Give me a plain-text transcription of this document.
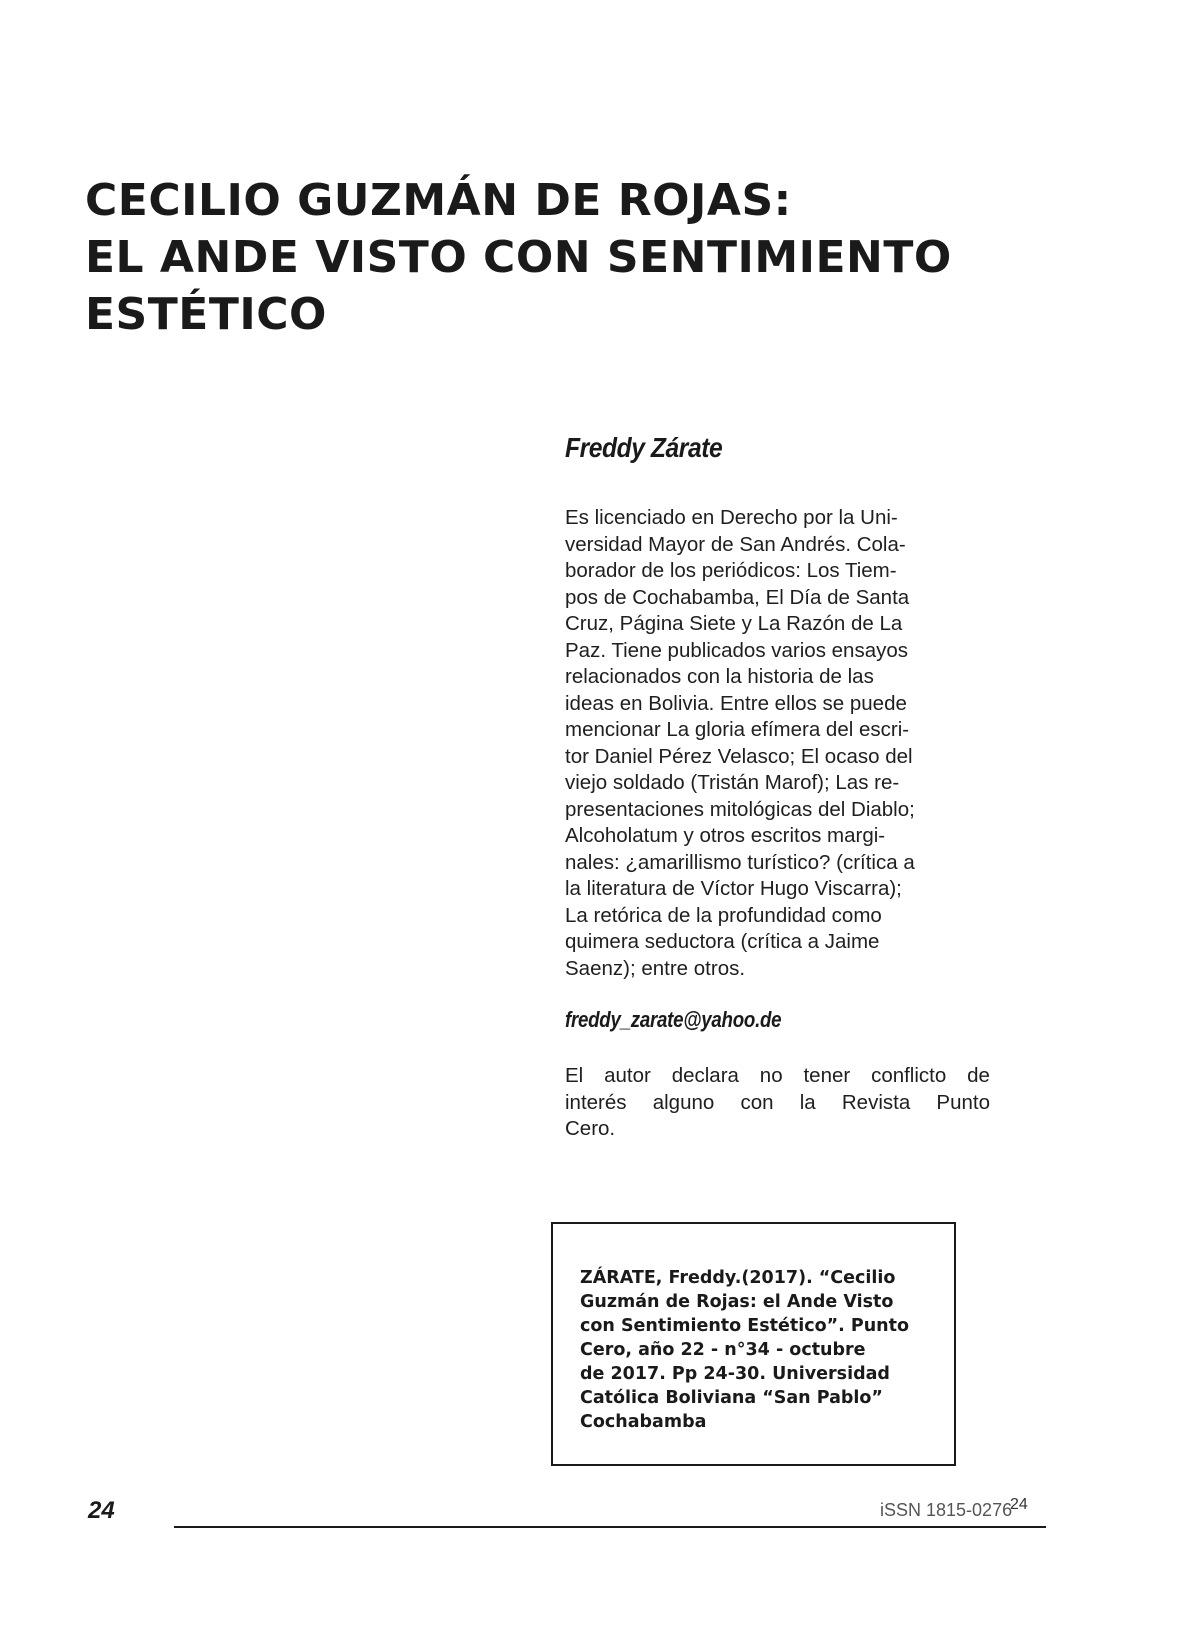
CECILIO GUZMÁN DE ROJAS:
EL ANDE VISTO CON SENTIMIENTO
ESTÉTICO

Freddy Zárate

Es licenciado en Derecho por la Uni-
versidad Mayor de San Andrés. Cola-
borador de los periódicos: Los Tiem-
pos de Cochabamba, El Día de Santa
Cruz, Página Siete y La Razón de La
Paz. Tiene publicados varios ensayos
relacionados con la historia de las
ideas en Bolivia. Entre ellos se puede
mencionar La gloria efímera del escri-
tor Daniel Pérez Velasco; El ocaso del
viejo soldado (Tristán Marof); Las re-
presentaciones mitológicas del Diablo;
Alcoholatum y otros escritos margi-
nales: ¿amarillismo turístico? (crítica a
la literatura de Víctor Hugo Viscarra);
La retórica de la profundidad como
quimera seductora (crítica a Jaime
Saenz); entre otros.

freddy_zarate@yahoo.de

El autor declara no tener conflicto de
interés alguno con la Revista Punto
Cero.

ZÁRATE, Freddy.(2017). “Cecilio
Guzmán de Rojas: el Ande Visto
con Sentimiento Estético”. Punto
Cero, año 22 - n°34 - octubre
de 2017. Pp 24-30. Universidad
Católica Boliviana “San Pablo”
Cochabamba

24	iSSN 1815-0276

24
